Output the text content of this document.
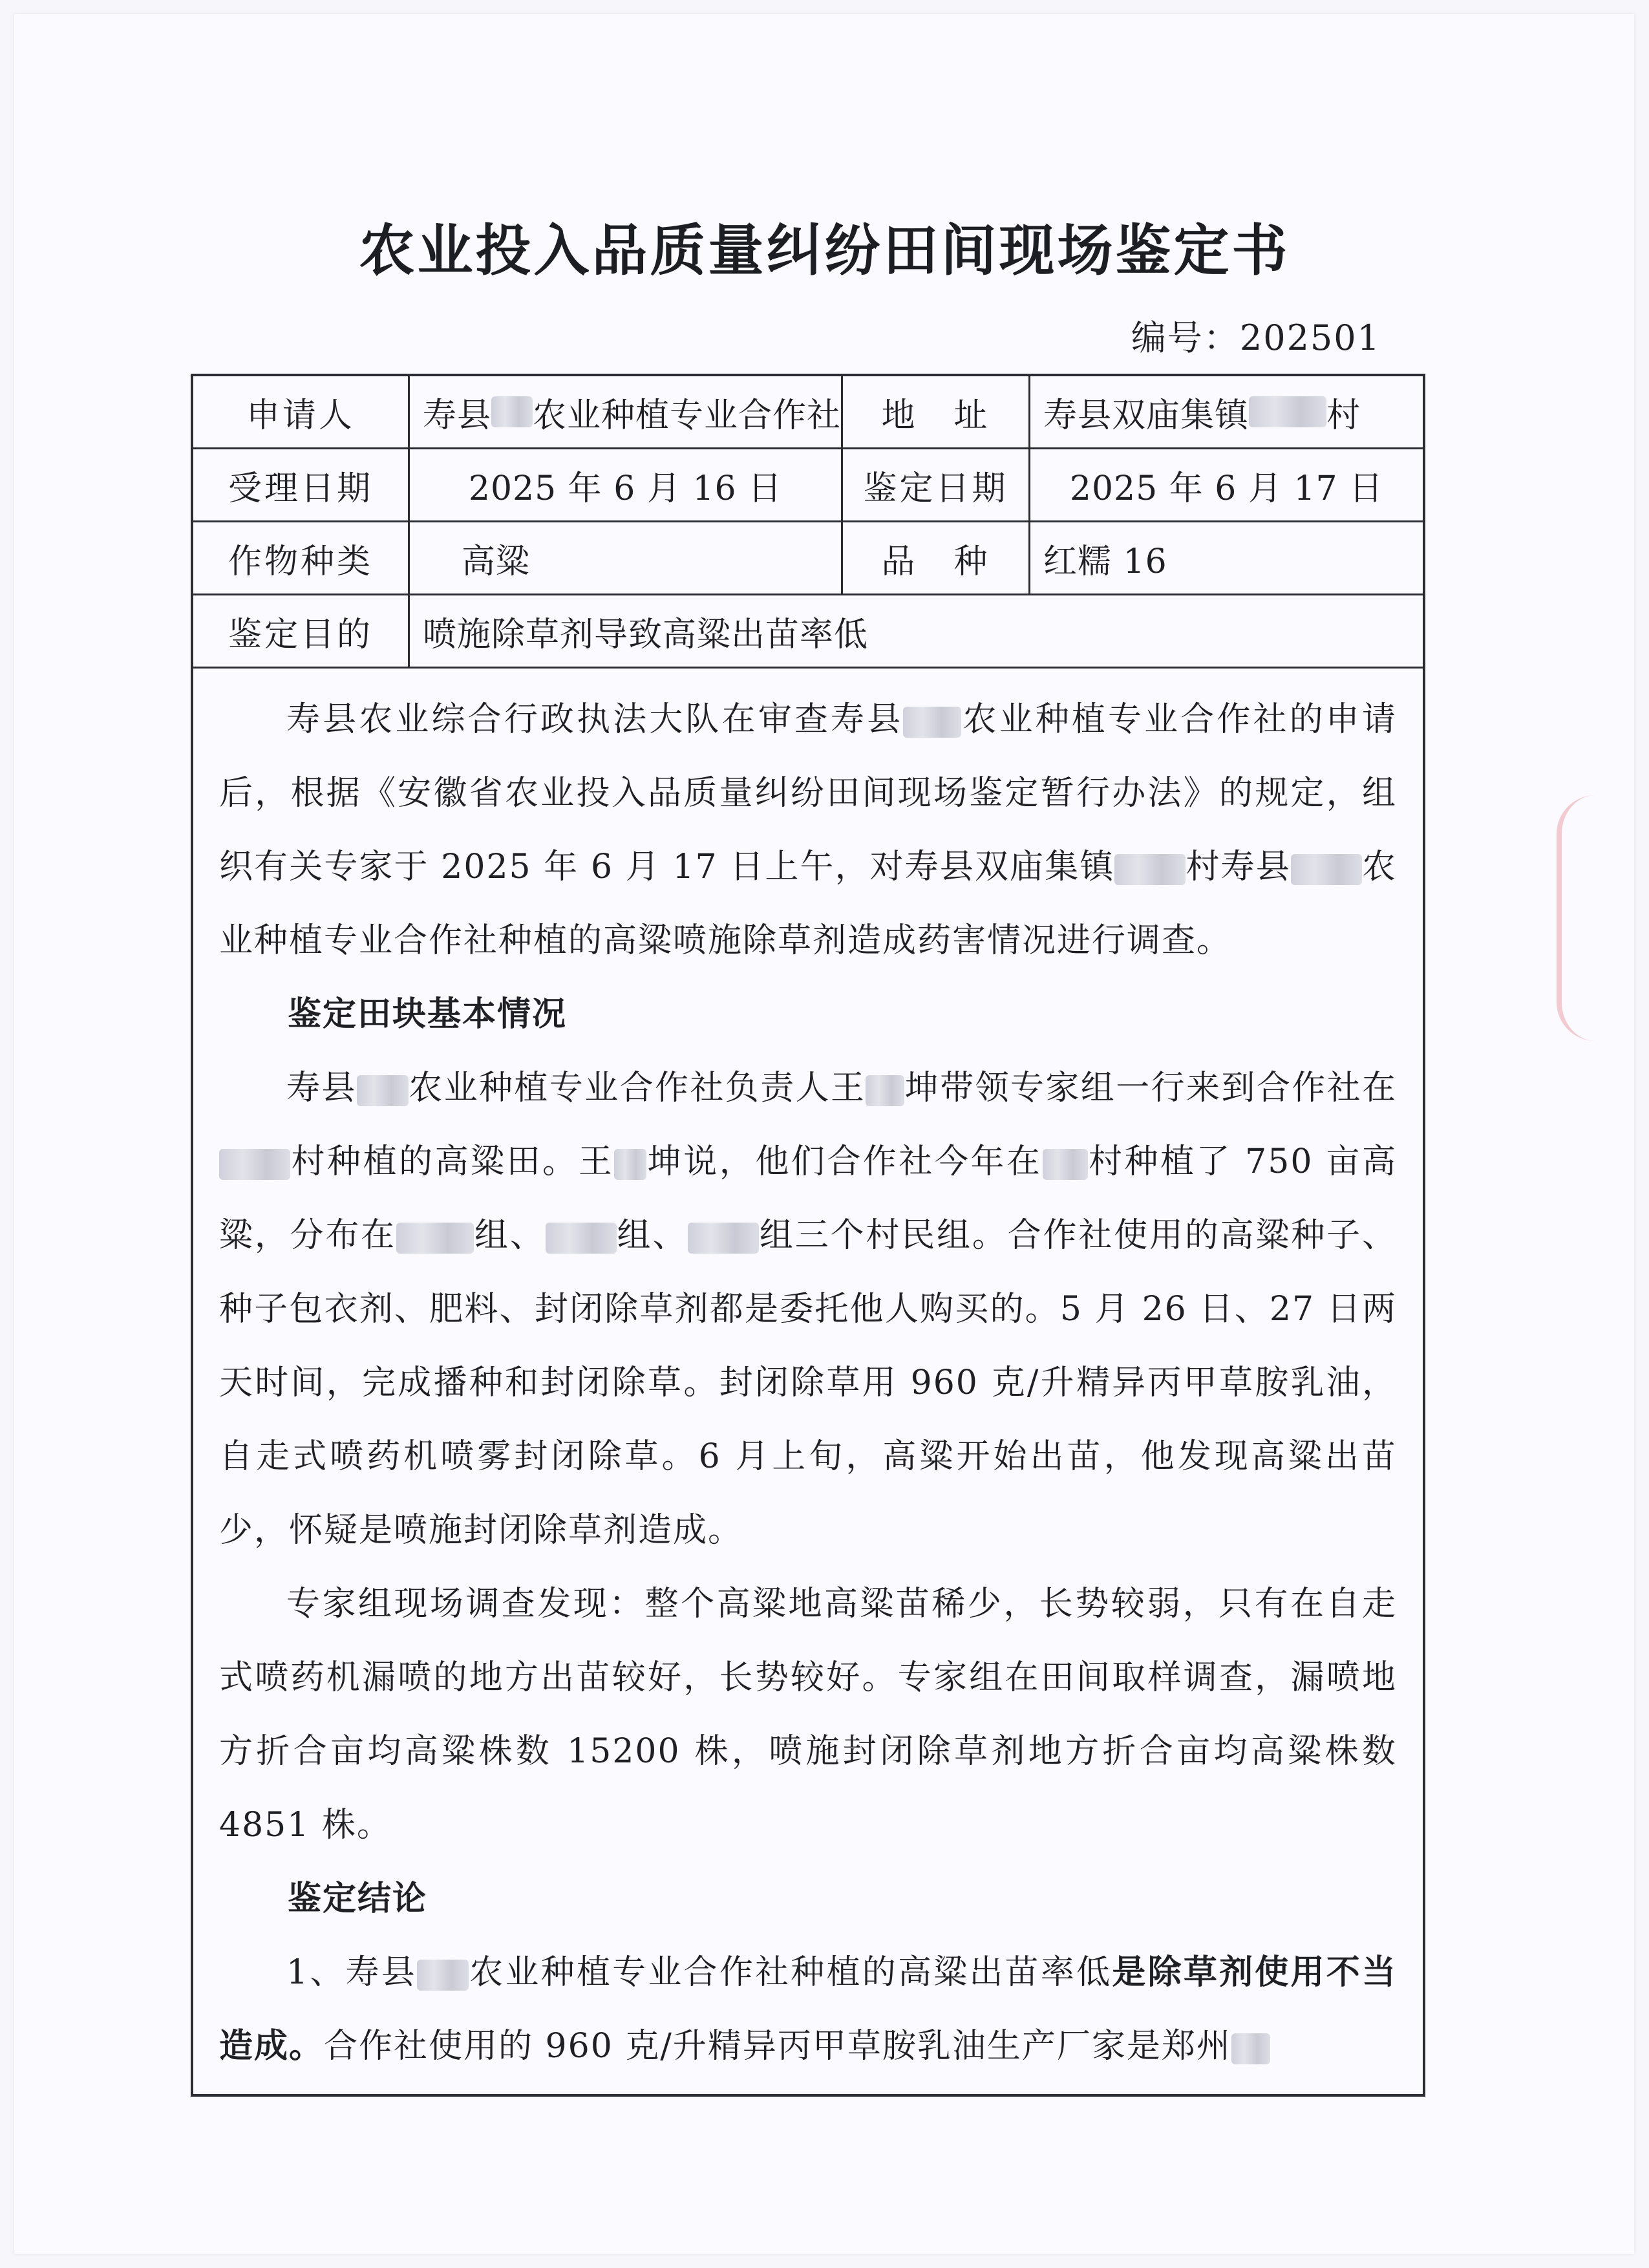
农业投入品质量纠纷田间现场鉴定书
编号：202501
申请人	寿县 农业种植专业合作社	地　址	寿县双庙集镇 村
受理日期	2025 年 6 月 16 日	鉴定日期	2025 年 6 月 17 日
作物种类	高粱	品　种	红糯 16
鉴定目的	喷施除草剂导致高粱出苗率低

寿县农业综合行政执法大队在审查寿县 农业种植专业合作社的申请后，根据《安徽省农业投入品质量纠纷田间现场鉴定暂行办法》的规定，组织有关专家于 2025 年 6 月 17 日上午，对寿县双庙集镇 村寿县 农业种植专业合作社种植的高粱喷施除草剂造成药害情况进行调查。

鉴定田块基本情况

寿县 农业种植专业合作社负责人王 坤带领专家组一行来到合作社在村种植的高粱田。王 坤说，他们合作社今年在 村种植了 750 亩高粱，分布在 组、 组、 组三个村民组。合作社使用的高粱种子、种子包衣剂、肥料、封闭除草剂都是委托他人购买的。5 月 26 日、27 日两天时间，完成播种和封闭除草。封闭除草用 960 克/升精异丙甲草胺乳油，自走式喷药机喷雾封闭除草。6 月上旬，高粱开始出苗，他发现高粱出苗少，怀疑是喷施封闭除草剂造成。

专家组现场调查发现：整个高粱地高粱苗稀少，长势较弱，只有在自走式喷药机漏喷的地方出苗较好，长势较好。专家组在田间取样调查，漏喷地方折合亩均高粱株数 15200 株，喷施封闭除草剂地方折合亩均高粱株数 4851 株。

鉴定结论

1、寿县 农业种植专业合作社种植的高粱出苗率低是除草剂使用不当造成。合作社使用的 960 克/升精异丙甲草胺乳油生产厂家是郑州
